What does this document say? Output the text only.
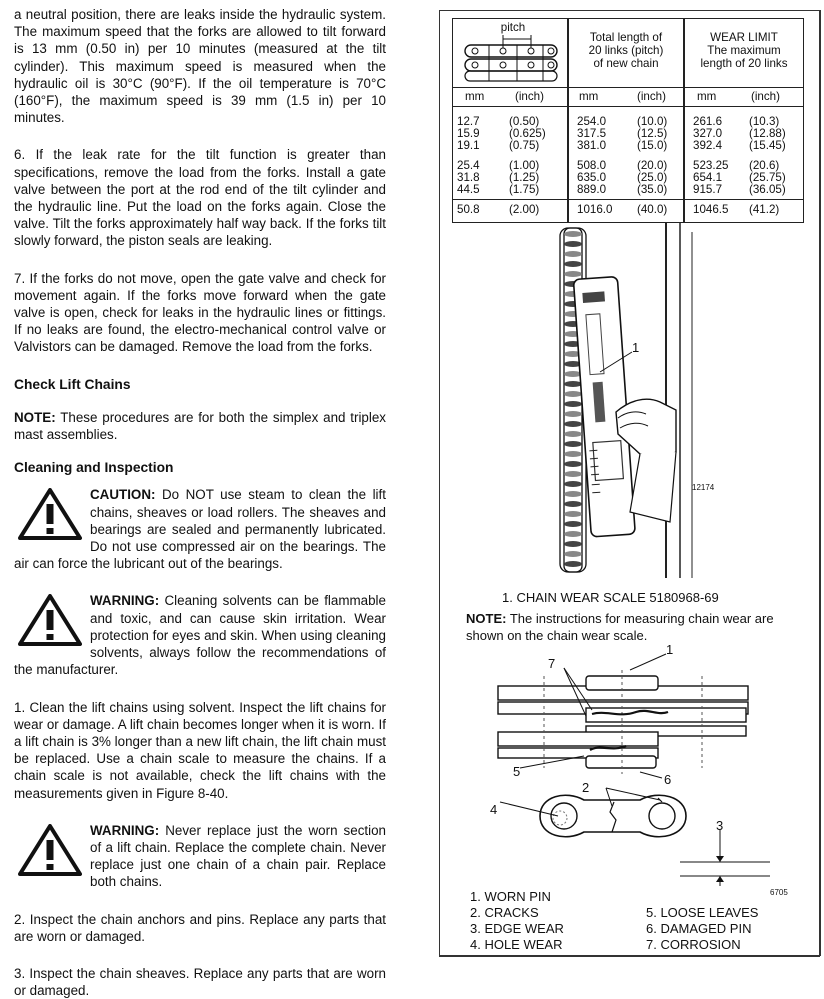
a neutral position, there are leaks inside the hydraulic system. The maximum speed that the forks are allowed to tilt forward is 13 mm (0.50 in) per 10 minutes (measured at the tilt cylinder). This maximum speed is measured when the hydraulic oil is 30°C (90°F). If the oil temperature is 70°C (160°F), the maximum speed is 39 mm (1.5 in) per 10 minutes.

6. If the leak rate for the tilt function is greater than specifications, remove the load from the forks. Install a gate valve between the port at the rod end of the tilt cylinder and the hydraulic line. Put the load on the forks again. Close the valve. Tilt the forks approximately half way back. If the forks tilt slowly forward, the piston seals are leaking.

7. If the forks do not move, open the gate valve and check for movement again. If the forks move forward when the gate valve is open, check for leaks in the hydraulic lines or fittings. If no leaks are found, the electro-mechanical control valve or Valvistors can be damaged. Remove the load from the forks.

Check Lift Chains

NOTE: These procedures are for both the simplex and triplex mast assemblies.

Cleaning and Inspection

CAUTION: Do NOT use steam to clean the lift chains, sheaves or load rollers. The sheaves and bearings are sealed and permanently lubricated. Do not use compressed air on the bearings. The air can force the lubricant out of the bearings.

WARNING: Cleaning solvents can be flammable and toxic, and can cause skin irritation. Wear protection for eyes and skin. When using cleaning solvents, always follow the recommendations of the manufacturer.

1. Clean the lift chains using solvent. Inspect the lift chains for wear or damage. A lift chain becomes longer when it is worn. If a lift chain is 3% longer than a new lift chain, the lift chain must be replaced. Use a chain scale to measure the chains. If a chain scale is not available, check the lift chains with the measurements given in Figure 8-40.

WARNING: Never replace just the worn section of a lift chain. Replace the complete chain. Never replace just one chain of a chain pair. Replace both chains.

2. Inspect the chain anchors and pins. Replace any parts that are worn or damaged.

3. Inspect the chain sheaves. Replace any parts that are worn or damaged.

pitch
Total length of
20 links (pitch)
of new chain
WEAR LIMIT
The maximum
length of 20 links
mm	(inch)	mm	(inch)	mm	(inch)
12.7	(0.50)	254.0	(10.0) 261.6 (10.3)
15.9	(0.625)	317.5	(12.5) 327.0 (12.88)
19.1	(0.75)	381.0	(15.0) 392.4 (15.45)
25.4	(1.00)	508.0	(20.0) 523.25 (20.6)
31.8	(1.25)	635.0	(25.0) 654.1 (25.75)
44.5	(1.75)	889.0	(35.0) 915.7 (36.05)
50.8	(2.00)	1016.0 (40.0) 1046.5 (41.2)
1
12174
1. CHAIN WEAR SCALE 5180968-69
NOTE: The instructions for measuring chain wear are shown on the chain wear scale.
1
7
5
6
2
4
3
6705
1. WORN PIN
2. CRACKS
3. EDGE WEAR
4. HOLE WEAR
5. LOOSE LEAVES
6. DAMAGED PIN
7. CORROSION
